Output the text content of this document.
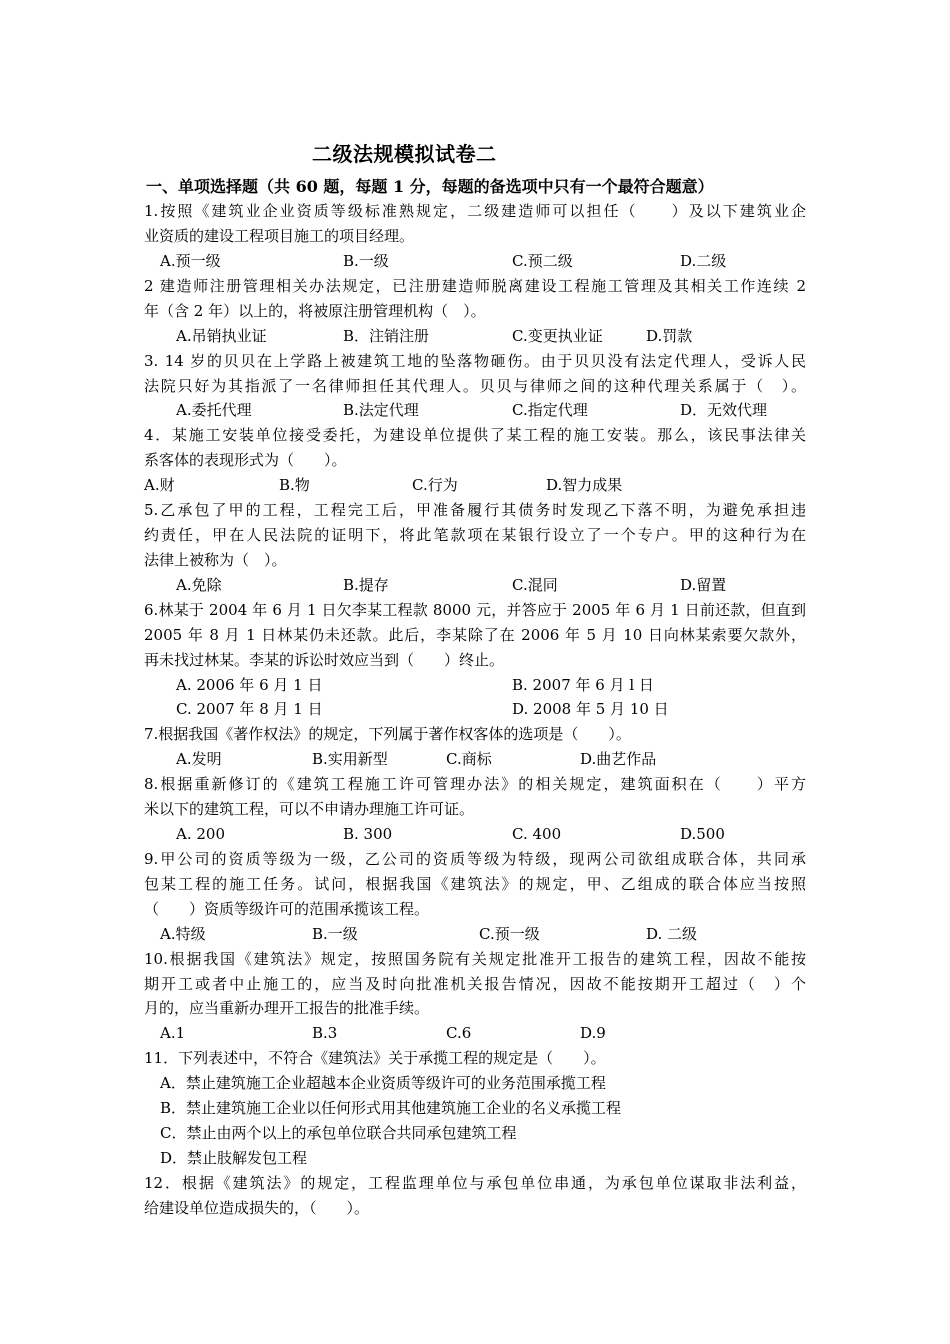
二级法规模拟试卷二
一、单项选择题（共 60 题，每题 1 分，每题的备选项中只有一个最符合题意）
1.按照《建筑业企业资质等级标准熟规定，二级建造师可以担任（　　）及以下建筑业企
业资质的建设工程项目施工的项目经理。
A.预一级	B.一级	C.预二级	D.二级
2 建造师注册管理相关办法规定，已注册建造师脱离建设工程施工管理及其相关工作连续 2
年（含 2 年）以上的，将被原注册管理机构（　）。
A.吊销执业证	B．注销注册	C.变更执业证	D.罚款
3. 14 岁的贝贝在上学路上被建筑工地的坠落物砸伤。由于贝贝没有法定代理人，受诉人民
法院只好为其指派了一名律师担任其代理人。贝贝与律师之间的这种代理关系属于（　）。
A.委托代理	B.法定代理	C.指定代理	D．无效代理
4．某施工安装单位接受委托，为建设单位提供了某工程的施工安装。那么，该民事法律关
系客体的表现形式为（　　）。
A.财	B.物	C.行为	D.智力成果
5.乙承包了甲的工程，工程完工后，甲准备履行其债务时发现乙下落不明，为避免承担违
约责任，甲在人民法院的证明下，将此笔款项在某银行设立了一个专户。甲的这种行为在
法律上被称为（　）。
A.免除	B.提存	C.混同	D.留置
6.林某于 2004 年 6 月 1 日欠李某工程款 8000 元，并答应于 2005 年 6 月 1 日前还款，但直到
2005 年 8 月 1 日林某仍未还款。此后，李某除了在 2006 年 5 月 10 日向林某索要欠款外，
再未找过林某。李某的诉讼时效应当到（　　）终止。
A. 2006 年 6 月 1 日	B. 2007 年 6 月 l 日
C. 2007 年 8 月 1 日	D. 2008 年 5 月 10 日
7.根据我国《著作权法》的规定，下列属于著作权客体的选项是（　　）。
A.发明	B.实用新型	C.商标	D.曲艺作品
8.根据重新修订的《建筑工程施工许可管理办法》的相关规定，建筑面积在（　　）平方
米以下的建筑工程，可以不申请办理施工许可证。
A. 200	B. 300	C. 400	D.500
9.甲公司的资质等级为一级，乙公司的资质等级为特级，现两公司欲组成联合体，共同承
包某工程的施工任务。试问，根据我国《建筑法》的规定，甲、乙组成的联合体应当按照
（　　）资质等级许可的范围承揽该工程。
A.特级	B.一级	C.预一级	D. 二级
10.根据我国《建筑法》规定，按照国务院有关规定批准开工报告的建筑工程，因故不能按
期开工或者中止施工的，应当及时向批准机关报告情况，因故不能按期开工超过（　）个
月的，应当重新办理开工报告的批准手续。
A.1	B.3	C.6	D.9
11．下列表述中，不符合《建筑法》关于承揽工程的规定是（　　）。
A．禁止建筑施工企业超越本企业资质等级许可的业务范围承揽工程
B．禁止建筑施工企业以任何形式用其他建筑施工企业的名义承揽工程
C．禁止由两个以上的承包单位联合共同承包建筑工程
D．禁止肢解发包工程
12．根据《建筑法》的规定，工程监理单位与承包单位串通，为承包单位谋取非法利益，
给建设单位造成损失的，（　　）。
